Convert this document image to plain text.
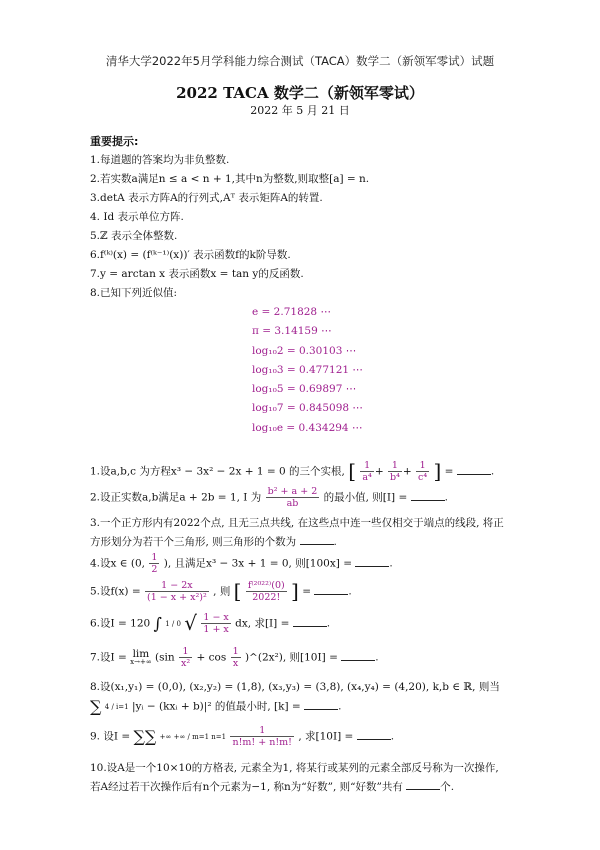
清华大学2022年5月学科能力综合测试（TACA）数学二（新领军零试）试题
2022 TACA 数学二（新领军零试）
2022 年 5 月 21 日
重要提示:
1.每道题的答案均为非负整数.
2.若实数a满足n ≤ a < n + 1,其中n为整数,则取整[a] = n.
3.detA 表示方阵A的行列式,Aᵀ 表示矩阵A的转置.
4. Id 表示单位方阵.
5.ℤ 表示全体整数.
6.f⁽ᵏ⁾(x) = (f⁽ᵏ⁻¹⁾(x))′ 表示函数f的k阶导数.
7.y = arctan x 表示函数x = tan y的反函数.
8.已知下列近似值:
e = 2.71828 ⋯
π = 3.14159 ⋯
log₁₀2 = 0.30103 ⋯
log₁₀3 = 0.477121 ⋯
log₁₀5 = 0.69897 ⋯
log₁₀7 = 0.845098 ⋯
log₁₀e = 0.434294 ⋯
1.设a,b,c 为方程x³ − 3x² − 2x + 1 = 0 的三个实根, [ $\frac{1}{\text{a⁴}} + \frac{1}{\text{b⁴}} + \frac{1}{\text{c⁴}}$ ] =	.
2.设正实数a,b满足a + 2b = 1, I 为 $\frac{\text{b² + a + 2}}{ab}$ 的最小值, 则[I] =	.
3.一个正方形内有2022个点, 且无三点共线, 在这些点中连一些仅相交于端点的线段, 将正
方形划分为若干个三角形, 则三角形的个数为	.
4.设x ∈ (0, $\frac{1}{2}$ ), 且满足x³ − 3x + 1 = 0, 则[100x] =	.
5.设$f(x) = \frac{1 - 2x}{\text{(1 − x + x²)²}}$ , 则 [ $\frac{\text{f⁽²⁰²²⁾(0)}}{2022!}$ ] =	.
6.设I = 120 ∫ 1 / 0 √ $\frac{1 - x}{1 + x}$ dx, 求[I] =	.
7.设I = lim
x→+∞ ($\sin \frac{1}{\text{x²}} + \cos \frac{1}{x}$ )^(2x²), 则[10I] =	.
8.设(x₁,y₁) = (0,0), (x₂,y₂) = (1,8), (x₃,y₃) = (3,8), (x₄,y₄) = (4,20), k,b ∈ ℝ, 则当
∑ 4 / i=1 |yᵢ − (kxᵢ + b)|² 的值最小时, [k] =	.
9. 设I = ∑∑ +∞ +∞ / m=1 $n=1 \frac{1}{n!m! + n!m!}$ , 求[10I] =	.
10.设A是一个10×10的方格表, 元素全为1, 将某行或某列的元素全部反号称为一次操作,
若A经过若干次操作后有n个元素为−1, 称n为“好数”, 则“好数”共有	个.
